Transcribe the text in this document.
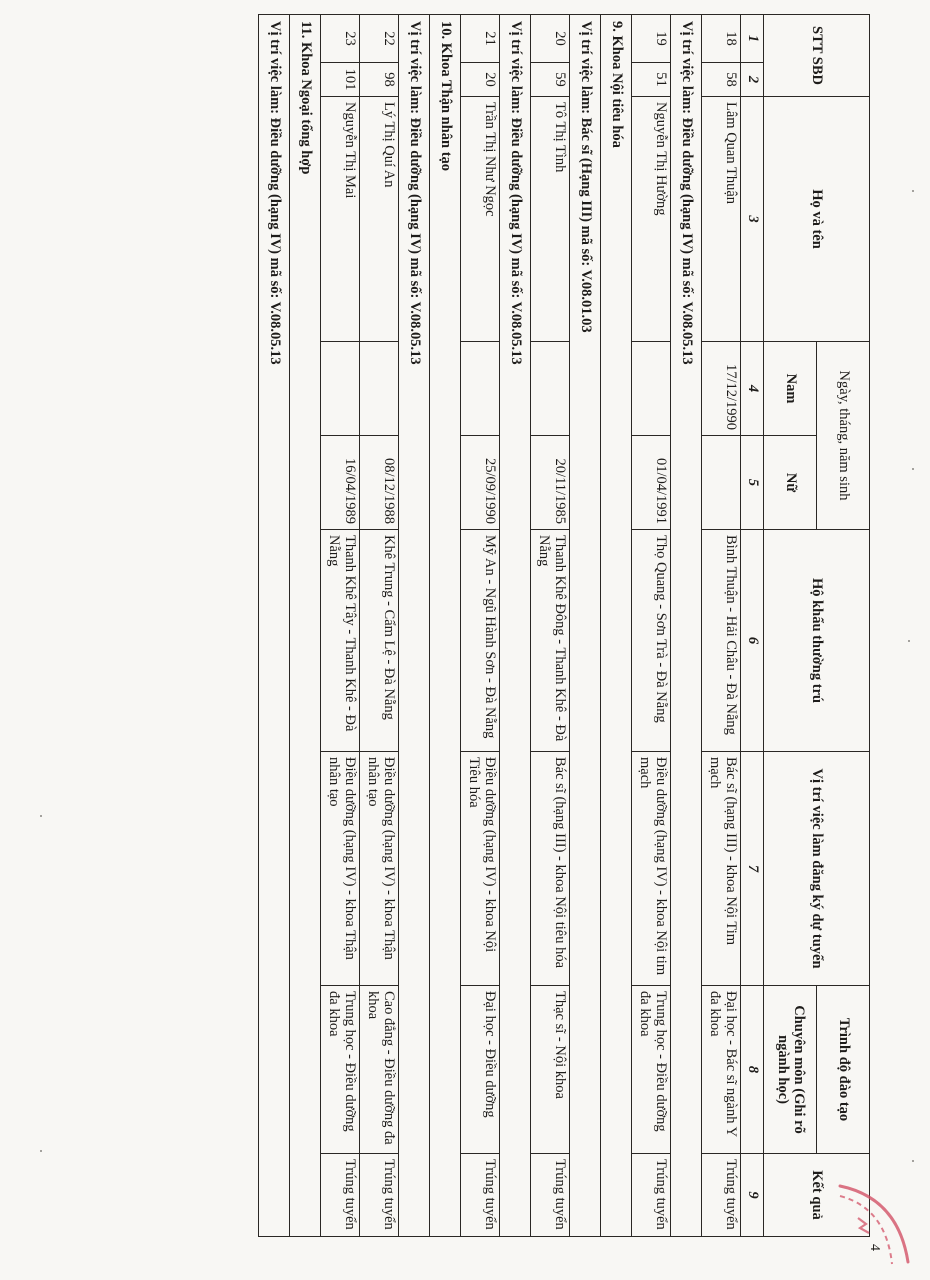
STT SBD		Họ và tên	Ngày, tháng, năm sinh		Hộ khẩu thường trú	Vị trí việc làm đăng ký dự tuyển	Trình độ đào tạo	Kết quả
			Nam	Nữ			Chuyên môn (Ghi rõ ngành học)	
1	2	3	4	5	6	7	8	9
18	58	Lâm Quan Thuận	17/12/1990		Bình Thuận - Hải Châu - Đà Nẵng	Bác sĩ (hạng III) - khoa Nội Tim mạch	Đại học - Bác sĩ ngành Y đa khoa	Trúng tuyển
Vị trí việc làm: Điều dưỡng (hạng IV) mã số: V.08.05.13								
19	51	Nguyễn Thị Hường		01/04/1991	Thọ Quang - Sơn Trà - Đà Nẵng	Điều dưỡng (hạng IV) - khoa Nội tim mạch	Trung học - Điều dưỡng đa khoa	Trúng tuyển
9. Khoa Nội tiêu hóa								
Vị trí việc làm: Bác sĩ (Hạng III) mã số: V.08.01.03								
20	59	Tô Thị Tình		20/11/1985	Thanh Khê Đông - Thanh Khê - Đà Nẵng	Bác sĩ (hạng III) - khoa Nội tiêu hóa	Thạc sĩ - Nội khoa	Trúng tuyển
Vị trí việc làm: Điều dưỡng (hạng IV) mã số: V.08.05.13								
21	20	Trần Thị Như Ngọc		25/09/1990	Mỹ An - Ngũ Hành Sơn - Đà Nẵng	Điều dưỡng (hạng IV) - khoa Nội Tiêu hóa	Đại học - Điều dưỡng	Trúng tuyển
10. Khoa Thận nhân tạo								
Vị trí việc làm: Điều dưỡng (hạng IV) mã số: V.08.05.13								
22	98	Lý Thị Quí An		08/12/1988	Khê Trung - Cẩm Lệ - Đà Nẵng	Điều dưỡng (hạng IV) - khoa Thận nhân tạo	Cao đẳng - Điều dưỡng đa khoa	Trúng tuyển
23	101	Nguyễn Thị Mai		16/04/1989	Thanh Khê Tây - Thanh Khê - Đà Nẵng	Điều dưỡng (hạng IV) - khoa Thận nhân tạo	Trung học - Điều dưỡng đa khoa	Trúng tuyển
11. Khoa Ngoại tổng hợp								
Vị trí việc làm: Điều dưỡng (hạng IV) mã số: V.08.05.13								
4
